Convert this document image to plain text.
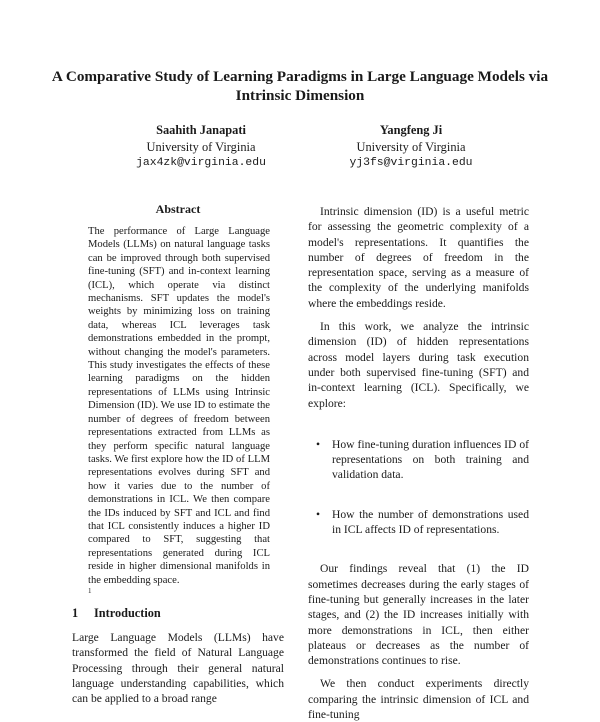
A Comparative Study of Learning Paradigms in Large Language Models via Intrinsic Dimension
Saahith Janapati
University of Virginia
jax4zk@virginia.edu
Yangfeng Ji
University of Virginia
yj3fs@virginia.edu
Abstract
The performance of Large Language Models (LLMs) on natural language tasks can be improved through both supervised fine-tuning (SFT) and in-context learning (ICL), which operate via distinct mechanisms. SFT updates the model's weights by minimizing loss on training data, whereas ICL leverages task demonstrations embedded in the prompt, without changing the model's parameters. This study investigates the effects of these learning paradigms on the hidden representations of LLMs using Intrinsic Dimension (ID). We use ID to estimate the number of degrees of freedom between representations extracted from LLMs as they perform specific natural language tasks. We first explore how the ID of LLM representations evolves during SFT and how it varies due to the number of demonstrations in ICL. We then compare the IDs induced by SFT and ICL and find that ICL consistently induces a higher ID compared to SFT, suggesting that representations generated during ICL reside in higher dimensional manifolds in the embedding space.
1
1 Introduction
Large Language Models (LLMs) have transformed the field of Natural Language Processing through their general natural language understanding capabilities, which can be applied to a broad range

Intrinsic dimension (ID) is a useful metric for assessing the geometric complexity of a model's representations. It quantifies the number of degrees of freedom in the representation space, serving as a measure of the complexity of the underlying manifolds where the embeddings reside.

In this work, we analyze the intrinsic dimension (ID) of hidden representations across model layers during task execution under both supervised fine-tuning (SFT) and in-context learning (ICL). Specifically, we explore:

• How fine-tuning duration influences ID of representations on both training and validation data.
• How the number of demonstrations used in ICL affects ID of representations.

Our findings reveal that (1) the ID sometimes decreases during the early stages of fine-tuning but generally increases in the later stages, and (2) the ID increases initially with more demonstrations in ICL, then either plateaus or decreases as the number of demonstrations continues to rise.

We then conduct experiments directly comparing the intrinsic dimension of ICL and fine-tuning
